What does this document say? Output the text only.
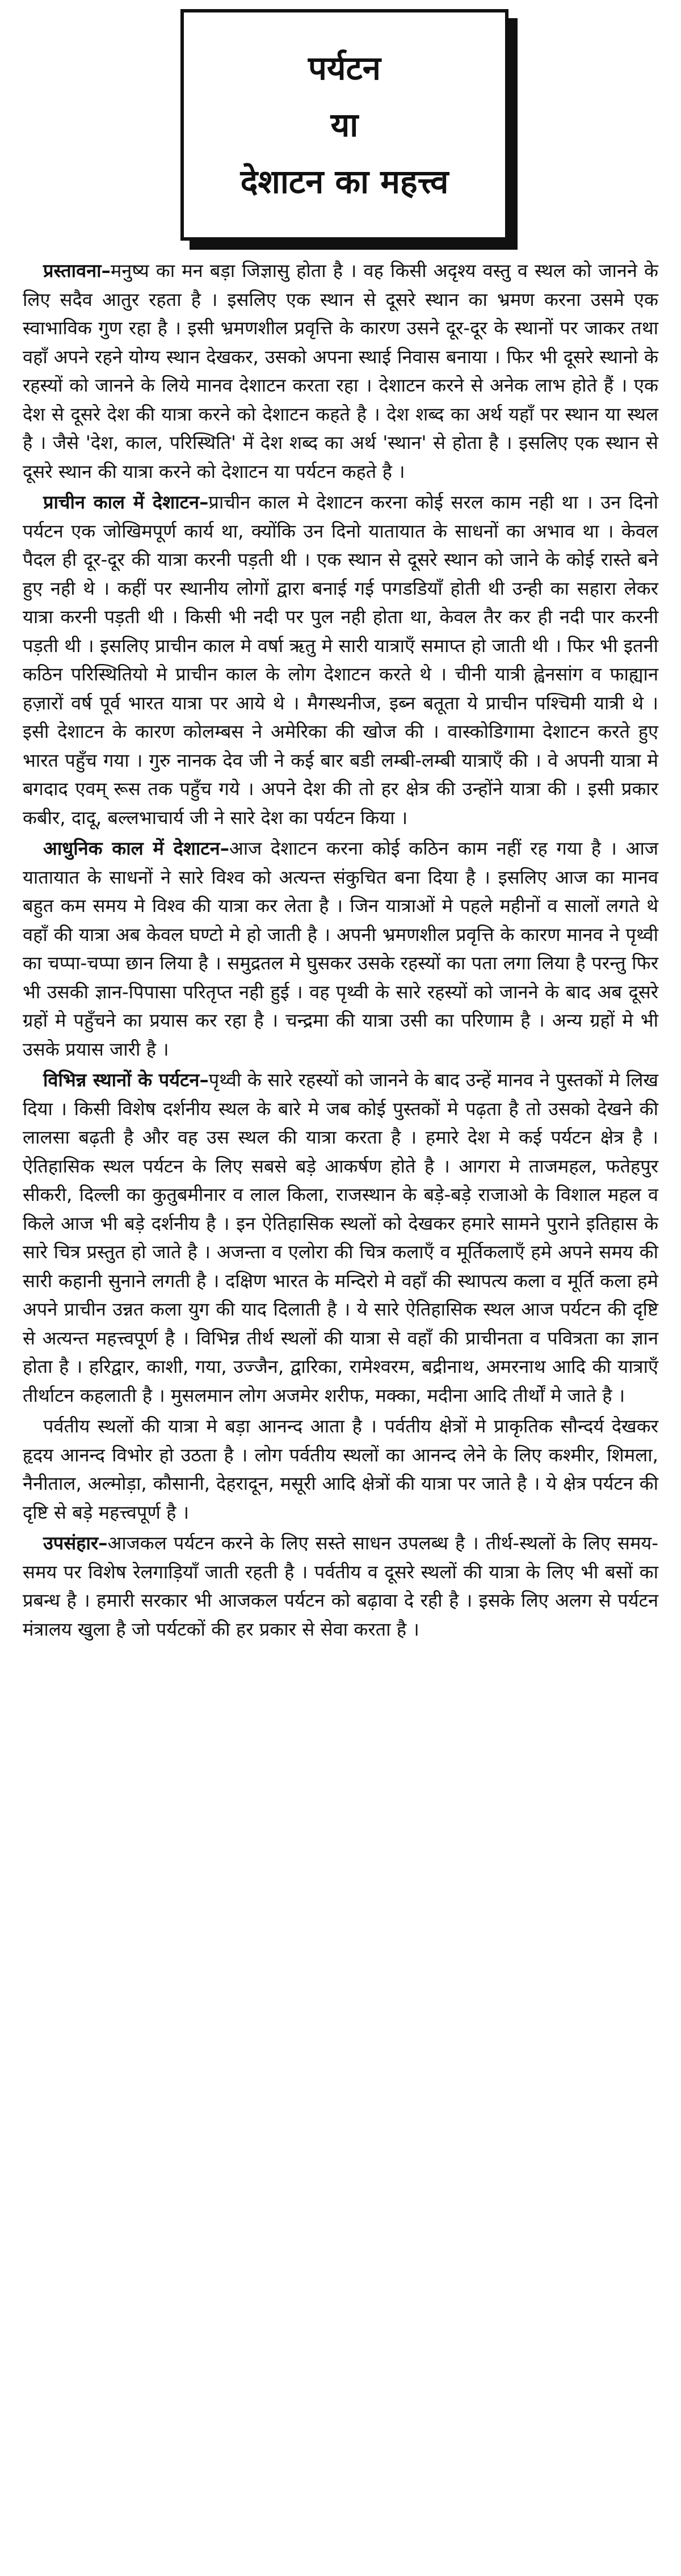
पर्यटन
या
देशाटन का महत्त्व

प्रस्तावना–मनुष्य का मन बड़ा जिज्ञासु होता है । वह किसी अदृश्य वस्तु व स्थल को जानने के लिए सदैव आतुर रहता है । इसलिए एक स्थान से दूसरे स्थान का भ्रमण करना उसमे एक स्वाभाविक गुण रहा है । इसी भ्रमणशील प्रवृत्ति के कारण उसने दूर-दूर के स्थानों पर जाकर तथा वहाँ अपने रहने योग्य स्थान देखकर, उसको अपना स्थाई निवास बनाया । फिर भी दूसरे स्थानो के रहस्यों को जानने के लिये मानव देशाटन करता रहा । देशाटन करने से अनेक लाभ होते हैं । एक देश से दूसरे देश की यात्रा करने को देशाटन कहते है । देश शब्द का अर्थ यहाँ पर स्थान या स्थल है । जैसे 'देश, काल, परिस्थिति' में देश शब्द का अर्थ 'स्थान' से होता है । इसलिए एक स्थान से दूसरे स्थान की यात्रा करने को देशाटन या पर्यटन कहते है ।

प्राचीन काल में देशाटन–प्राचीन काल मे देशाटन करना कोई सरल काम नही था । उन दिनो पर्यटन एक जोखिमपूर्ण कार्य था, क्योंकि उन दिनो यातायात के साधनों का अभाव था । केवल पैदल ही दूर-दूर की यात्रा करनी पड़ती थी । एक स्थान से दूसरे स्थान को जाने के कोई रास्ते बने हुए नही थे । कहीं पर स्थानीय लोगों द्वारा बनाई गई पगडडियाँ होती थी उन्ही का सहारा लेकर यात्रा करनी पड़ती थी । किसी भी नदी पर पुल नही होता था, केवल तैर कर ही नदी पार करनी पड़ती थी । इसलिए प्राचीन काल मे वर्षा ऋतु मे सारी यात्राएँ समाप्त हो जाती थी । फिर भी इतनी कठिन परिस्थितियो मे प्राचीन काल के लोग देशाटन करते थे । चीनी यात्री ह्वेनसांग व फाह्यान हज़ारों वर्ष पूर्व भारत यात्रा पर आये थे । मैगस्थनीज, इब्न बतूता ये प्राचीन पश्चिमी यात्री थे । इसी देशाटन के कारण कोलम्बस ने अमेरिका की खोज की । वास्कोडिगामा देशाटन करते हुए भारत पहुँच गया । गुरु नानक देव जी ने कई बार बडी लम्बी-लम्बी यात्राएँ की । वे अपनी यात्रा मे बगदाद एवम् रूस तक पहुँच गये । अपने देश की तो हर क्षेत्र की उन्होंने यात्रा की । इसी प्रकार कबीर, दादू, बल्लभाचार्य जी ने सारे देश का पर्यटन किया ।

आधुनिक काल में देशाटन–आज देशाटन करना कोई कठिन काम नहीं रह गया है । आज यातायात के साधनों ने सारे विश्व को अत्यन्त संकुचित बना दिया है । इसलिए आज का मानव बहुत कम समय मे विश्व की यात्रा कर लेता है । जिन यात्राओं मे पहले महीनों व सालों लगते थे वहाँ की यात्रा अब केवल घण्टो मे हो जाती है । अपनी भ्रमणशील प्रवृत्ति के कारण मानव ने पृथ्वी का चप्पा-चप्पा छान लिया है । समुद्रतल मे घुसकर उसके रहस्यों का पता लगा लिया है परन्तु फिर भी उसकी ज्ञान-पिपासा परितृप्त नही हुई । वह पृथ्वी के सारे रहस्यों को जानने के बाद अब दूसरे ग्रहों मे पहुँचने का प्रयास कर रहा है । चन्द्रमा की यात्रा उसी का परिणाम है । अन्य ग्रहों मे भी उसके प्रयास जारी है ।

विभिन्न स्थानों के पर्यटन–पृथ्वी के सारे रहस्यों को जानने के बाद उन्हें मानव ने पुस्तकों मे लिख दिया । किसी विशेष दर्शनीय स्थल के बारे मे जब कोई पुस्तकों मे पढ़ता है तो उसको देखने की लालसा बढ़ती है और वह उस स्थल की यात्रा करता है । हमारे देश मे कई पर्यटन क्षेत्र है । ऐतिहासिक स्थल पर्यटन के लिए सबसे बड़े आकर्षण होते है । आगरा मे ताजमहल, फतेहपुर सीकरी, दिल्ली का कुतुबमीनार व लाल किला, राजस्थान के बड़े-बड़े राजाओ के विशाल महल व किले आज भी बड़े दर्शनीय है । इन ऐतिहासिक स्थलों को देखकर हमारे सामने पुराने इतिहास के सारे चित्र प्रस्तुत हो जाते है । अजन्ता व एलोरा की चित्र कलाएँ व मूर्तिकलाएँ हमे अपने समय की सारी कहानी सुनाने लगती है । दक्षिण भारत के मन्दिरो मे वहाँ की स्थापत्य कला व मूर्ति कला हमे अपने प्राचीन उन्नत कला युग की याद दिलाती है । ये सारे ऐतिहासिक स्थल आज पर्यटन की दृष्टि से अत्यन्त महत्त्वपूर्ण है । विभिन्न तीर्थ स्थलों की यात्रा से वहाँ की प्राचीनता व पवित्रता का ज्ञान होता है । हरिद्वार, काशी, गया, उज्जैन, द्वारिका, रामेश्वरम, बद्रीनाथ, अमरनाथ आदि की यात्राएँ तीर्थाटन कहलाती है । मुसलमान लोग अजमेर शरीफ, मक्का, मदीना आदि तीर्थों मे जाते है ।

पर्वतीय स्थलों की यात्रा मे बड़ा आनन्द आता है । पर्वतीय क्षेत्रों मे प्राकृतिक सौन्दर्य देखकर हृदय आनन्द विभोर हो उठता है । लोग पर्वतीय स्थलों का आनन्द लेने के लिए कश्मीर, शिमला, नैनीताल, अल्मोड़ा, कौसानी, देहरादून, मसूरी आदि क्षेत्रों की यात्रा पर जाते है । ये क्षेत्र पर्यटन की दृष्टि से बड़े महत्त्वपूर्ण है ।

उपसंहार–आजकल पर्यटन करने के लिए सस्ते साधन उपलब्ध है । तीर्थ-स्थलों के लिए समय-समय पर विशेष रेलगाड़ियाँ जाती रहती है । पर्वतीय व दूसरे स्थलों की यात्रा के लिए भी बसों का प्रबन्ध है । हमारी सरकार भी आजकल पर्यटन को बढ़ावा दे रही है । इसके लिए अलग से पर्यटन मंत्रालय खुला है जो पर्यटकों की हर प्रकार से सेवा करता है ।
